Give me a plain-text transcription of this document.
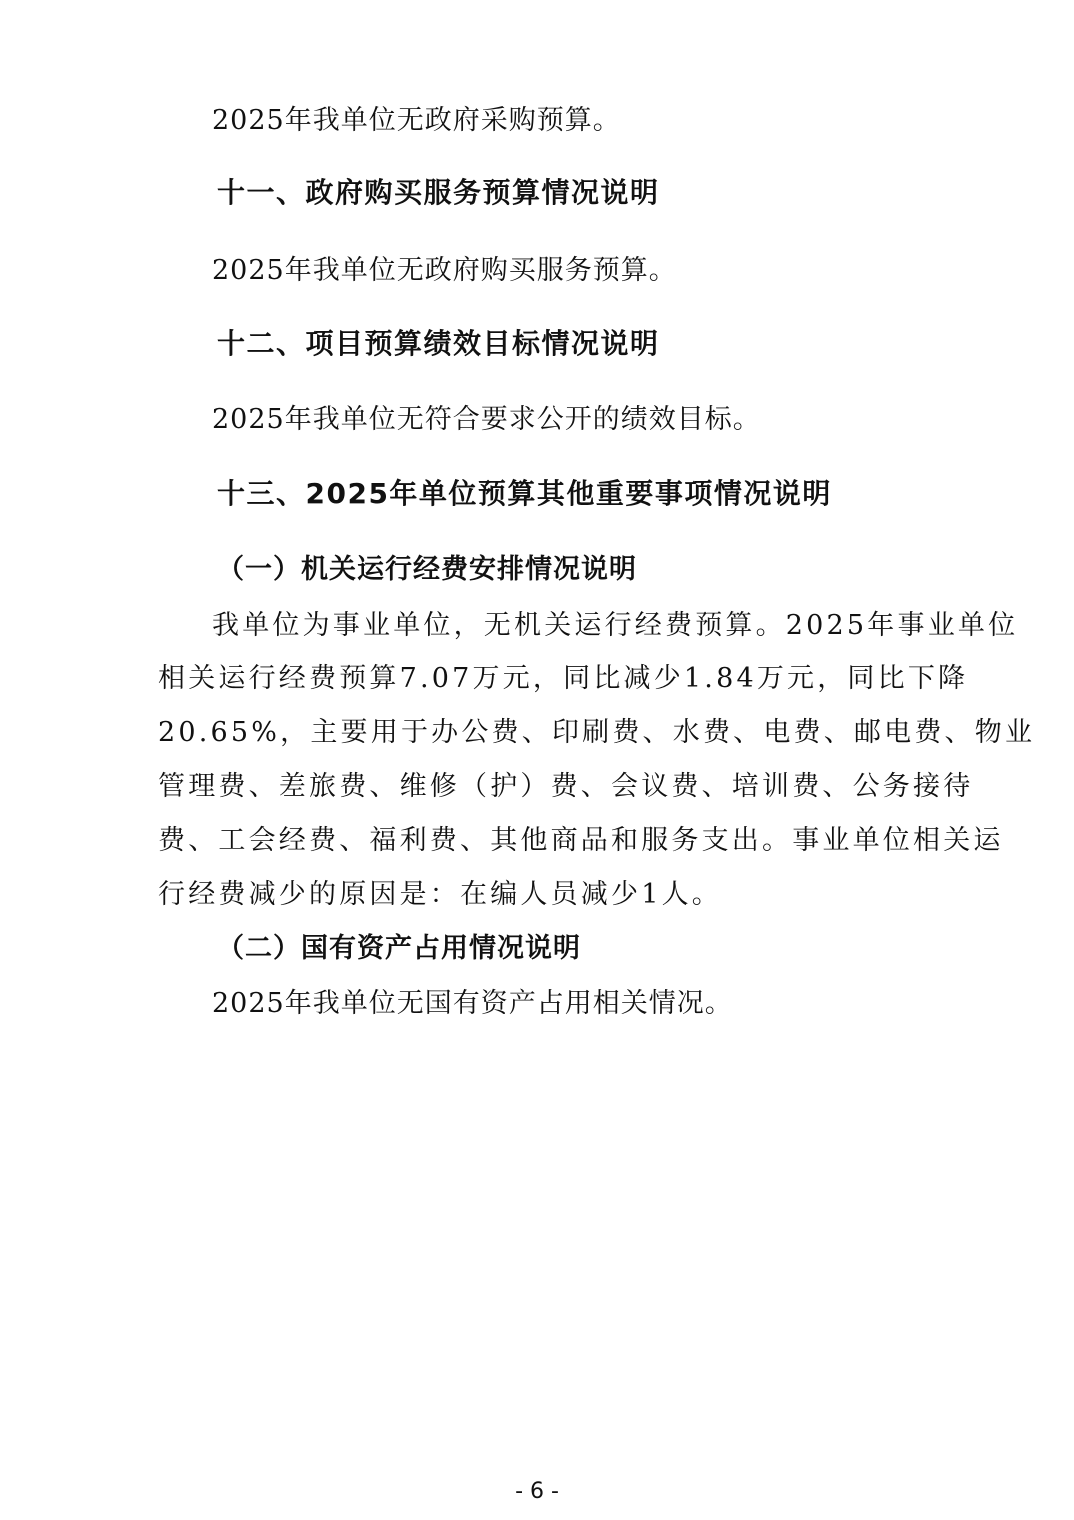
2025年我单位无政府采购预算。
十一、政府购买服务预算情况说明
2025年我单位无政府购买服务预算。
十二、项目预算绩效目标情况说明
2025年我单位无符合要求公开的绩效目标。
十三、2025年单位预算其他重要事项情况说明
（一）机关运行经费安排情况说明
我单位为事业单位，无机关运行经费预算。2025年事业单位
相关运行经费预算7.07万元，同比减少1.84万元，同比下降
20.65%，主要用于办公费、印刷费、水费、电费、邮电费、物业
管理费、差旅费、维修（护）费、会议费、培训费、公务接待
费、工会经费、福利费、其他商品和服务支出。事业单位相关运
行经费减少的原因是：在编人员减少1人。
（二）国有资产占用情况说明
2025年我单位无国有资产占用相关情况。
- 6 -
